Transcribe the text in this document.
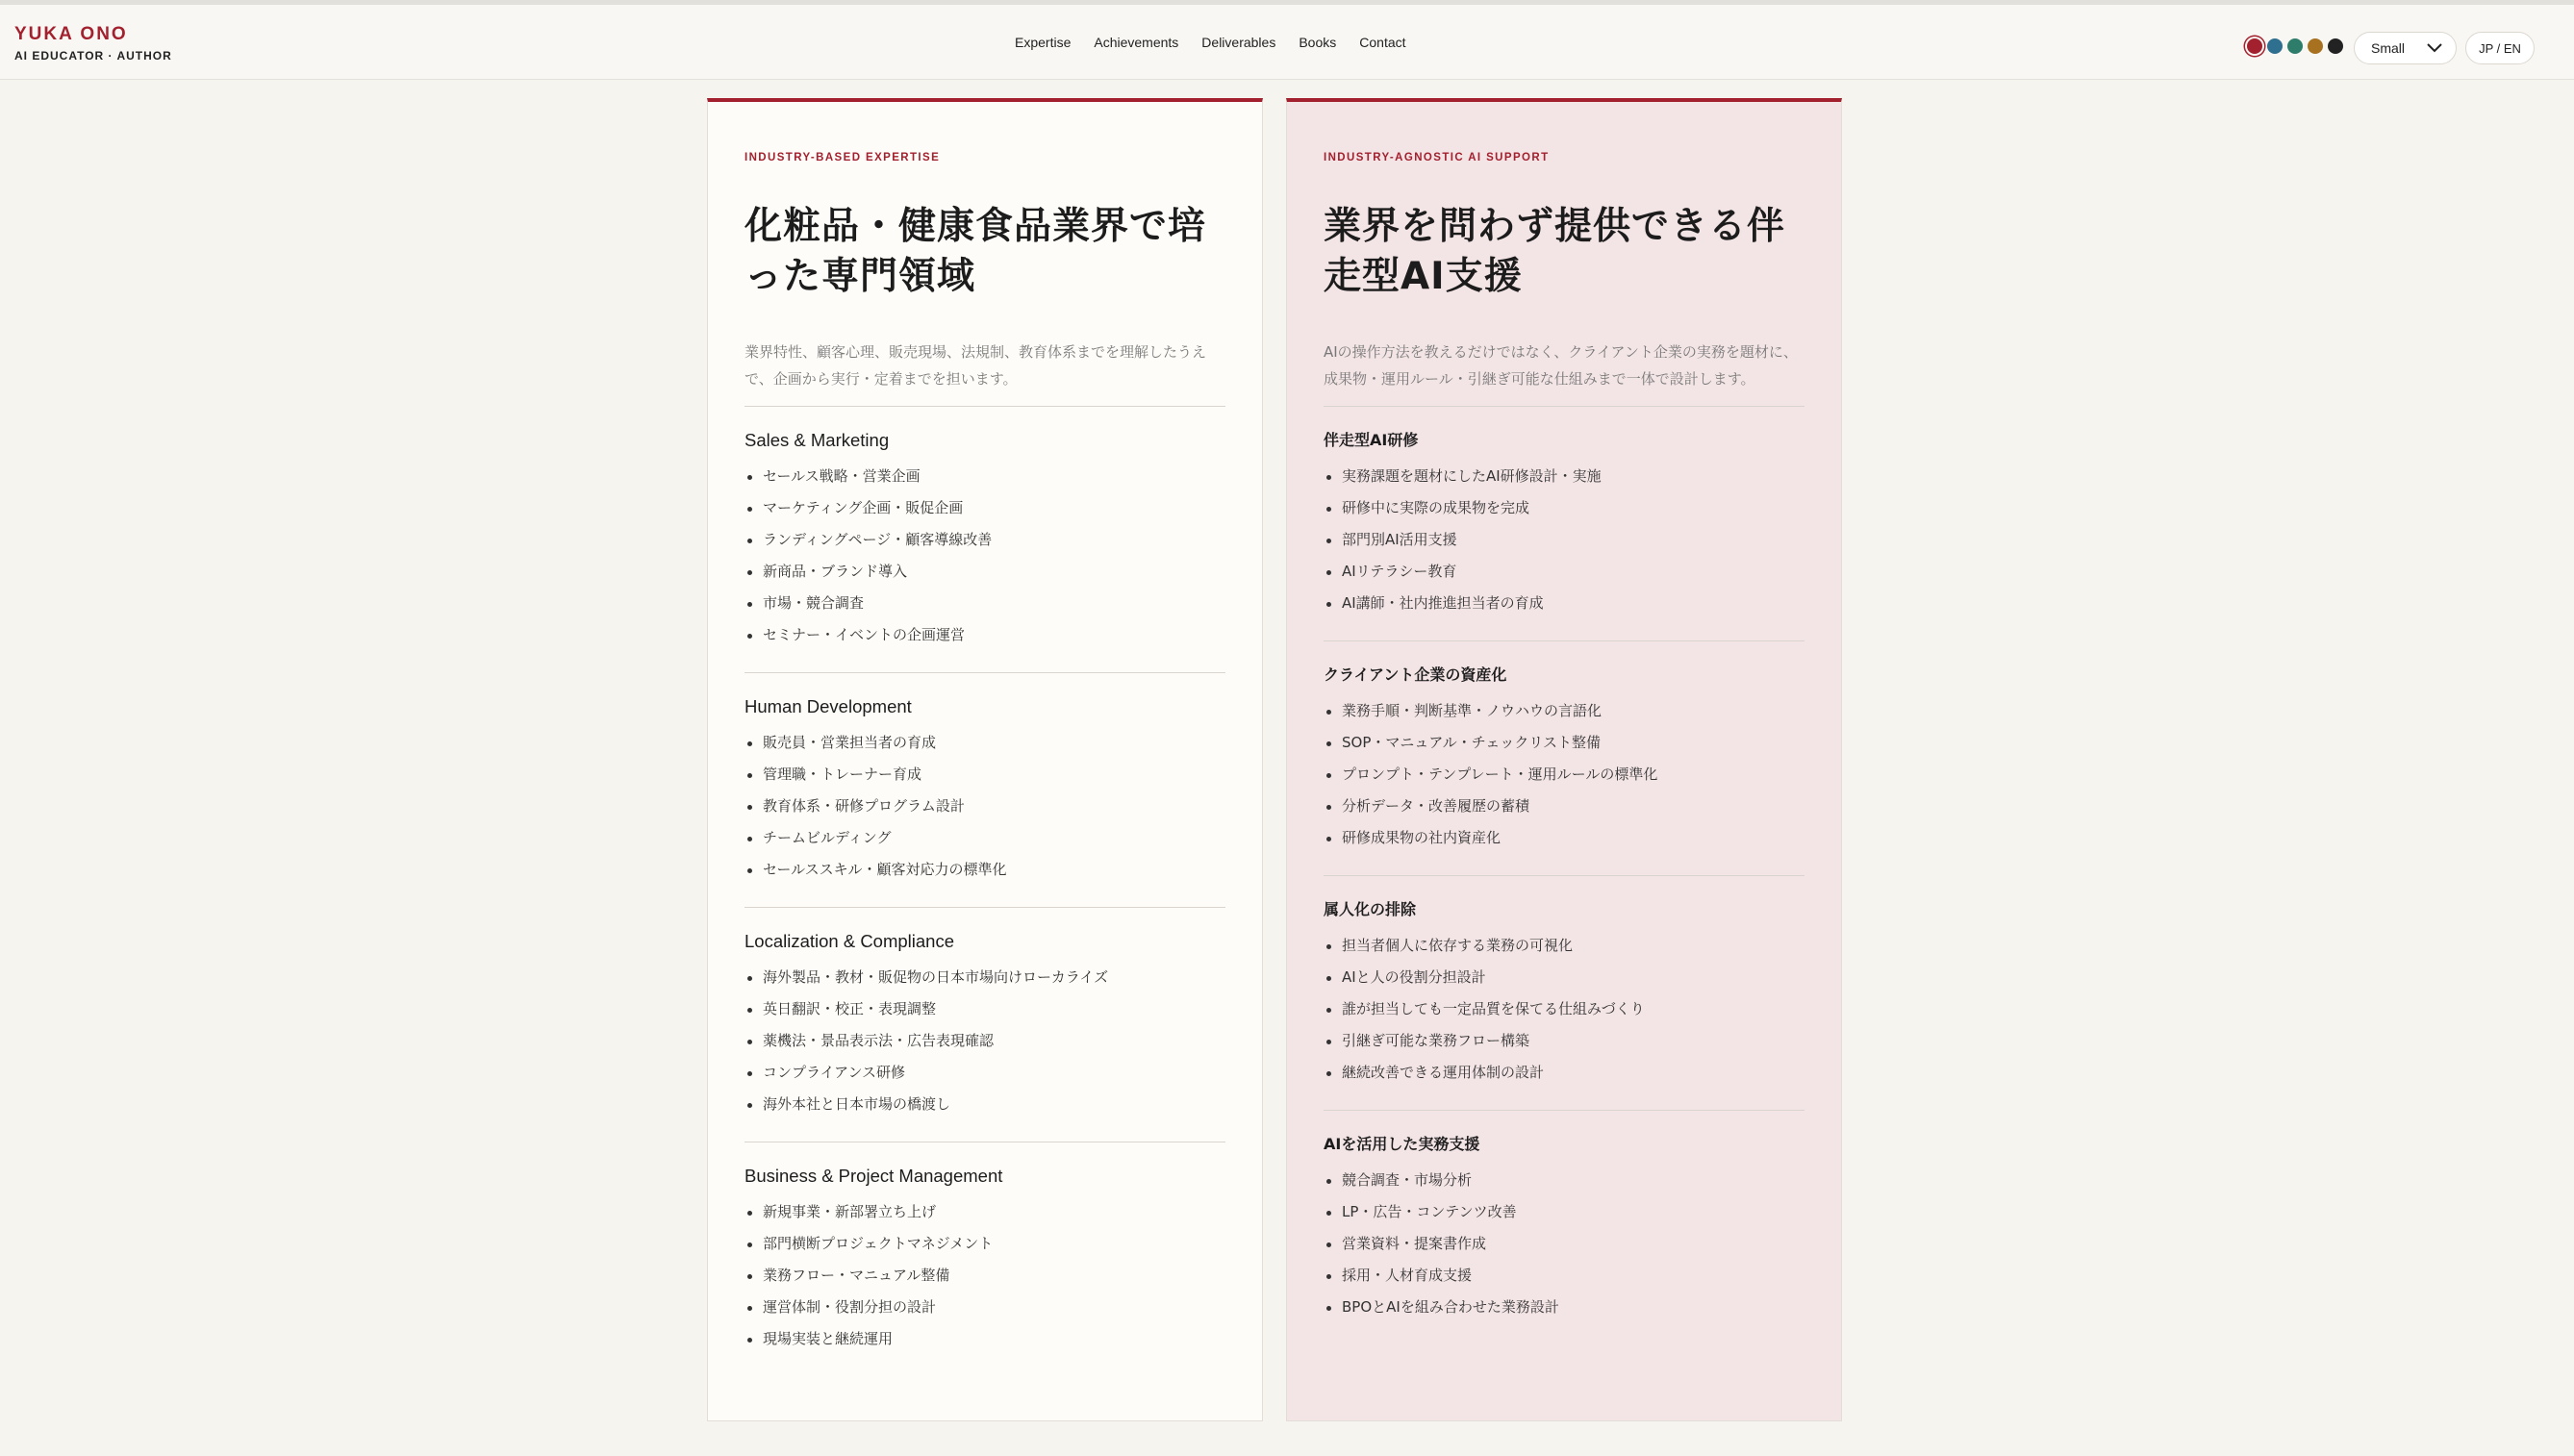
YUKA ONO
AI EDUCATOR · AUTHOR
Expertise Achievements Deliverables Books Contact	Small	JP / EN
INDUSTRY-BASED EXPERTISE
化粧品・健康食品業界で培った専門領域

業界特性、顧客心理、販売現場、法規制、教育体系までを理解したうえで、企画から実行・定着までを担います。

Sales & Marketing
セールス戦略・営業企画
マーケティング企画・販促企画
ランディングページ・顧客導線改善
新商品・ブランド導入
市場・競合調査
セミナー・イベントの企画運営
Human Development
販売員・営業担当者の育成
管理職・トレーナー育成
教育体系・研修プログラム設計
チームビルディング
セールススキル・顧客対応力の標準化
Localization & Compliance
海外製品・教材・販促物の日本市場向けローカライズ
英日翻訳・校正・表現調整
薬機法・景品表示法・広告表現確認
コンプライアンス研修
海外本社と日本市場の橋渡し
Business & Project Management
新規事業・新部署立ち上げ
部門横断プロジェクトマネジメント
業務フロー・マニュアル整備
運営体制・役割分担の設計
現場実装と継続運用
INDUSTRY-AGNOSTIC AI SUPPORT
業界を問わず提供できる伴走型AI支援

AIの操作方法を教えるだけではなく、クライアント企業の実務を題材に、成果物・運用ルール・引継ぎ可能な仕組みまで一体で設計します。

伴走型AI研修
実務課題を題材にしたAI研修設計・実施
研修中に実際の成果物を完成
部門別AI活用支援
AIリテラシー教育
AI講師・社内推進担当者の育成
クライアント企業の資産化
業務手順・判断基準・ノウハウの言語化
SOP・マニュアル・チェックリスト整備
プロンプト・テンプレート・運用ルールの標準化
分析データ・改善履歴の蓄積
研修成果物の社内資産化
属人化の排除
担当者個人に依存する業務の可視化
AIと人の役割分担設計
誰が担当しても一定品質を保てる仕組みづくり
引継ぎ可能な業務フロー構築
継続改善できる運用体制の設計
AIを活用した実務支援
競合調査・市場分析
LP・広告・コンテンツ改善
営業資料・提案書作成
採用・人材育成支援
BPOとAIを組み合わせた業務設計
